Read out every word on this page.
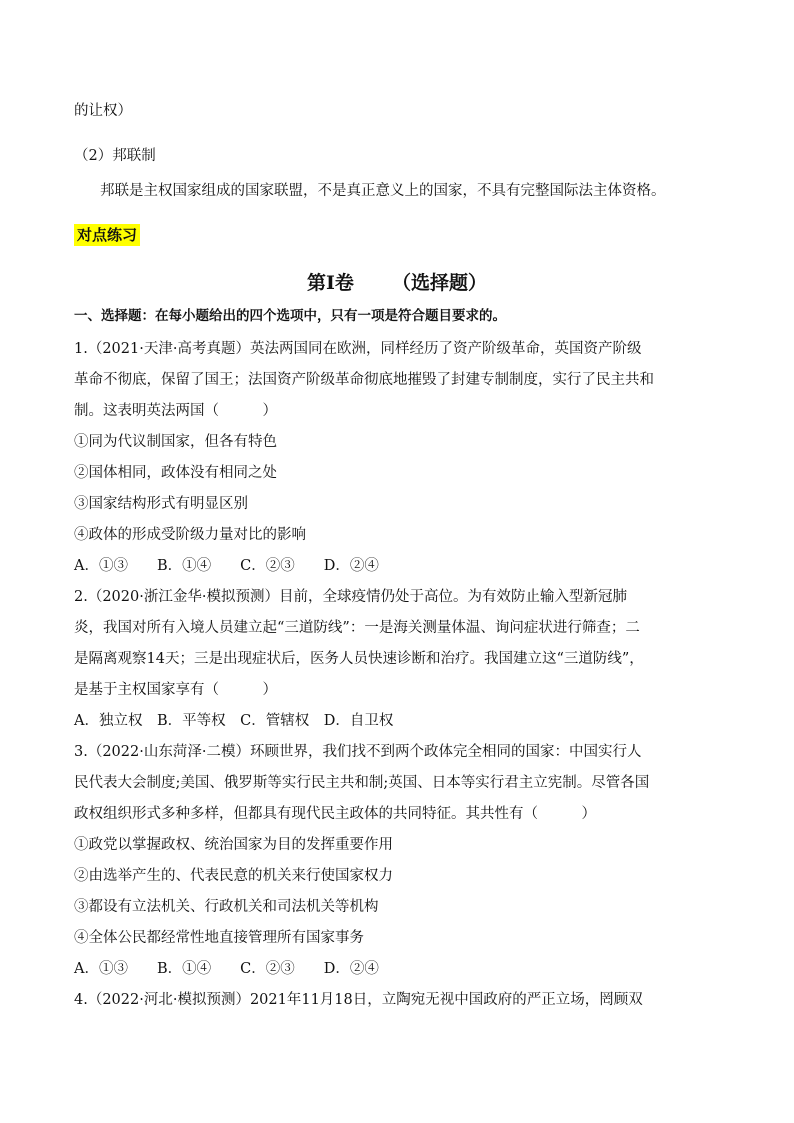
的让权）
（2）邦联制
邦联是主权国家组成的国家联盟，不是真正意义上的国家，不具有完整国际法主体资格。
对点练习
第Ⅰ卷 （选择题）
一、选择题：在每小题给出的四个选项中，只有一项是符合题目要求的。
1.（2021·天津·高考真题）英法两国同在欧洲，同样经历了资产阶级革命，英国资产阶级
革命不彻底，保留了国王；法国资产阶级革命彻底地摧毁了封建专制制度，实行了民主共和
制。这表明英法两国（　　　）
①同为代议制国家，但各有特色
②国体相同，政体没有相同之处
③国家结构形式有明显区别
④政体的形成受阶级力量对比的影响
A．①③　　B．①④　　C．②③　　D．②④
2.（2020·浙江金华·模拟预测）目前，全球疫情仍处于高位。为有效防止输入型新冠肺
炎，我国对所有入境人员建立起“三道防线”：一是海关测量体温、询问症状进行筛查；二
是隔离观察14天；三是出现症状后，医务人员快速诊断和治疗。我国建立这“三道防线”，
是基于主权国家享有（　　　）
A．独立权　B．平等权　C．管辖权　D．自卫权
3.（2022·山东菏泽·二模）环顾世界，我们找不到两个政体完全相同的国家：中国实行人
民代表大会制度;美国、俄罗斯等实行民主共和制;英国、日本等实行君主立宪制。尽管各国
政权组织形式多种多样，但都具有现代民主政体的共同特征。其共性有（　　　）
①政党以掌握政权、统治国家为目的发挥重要作用
②由选举产生的、代表民意的机关来行使国家权力
③都设有立法机关、行政机关和司法机关等机构
④全体公民都经常性地直接管理所有国家事务
A．①③　　B．①④　　C．②③　　D．②④
4.（2022·河北·模拟预测）2021年11月18日，立陶宛无视中国政府的严正立场，罔顾双
